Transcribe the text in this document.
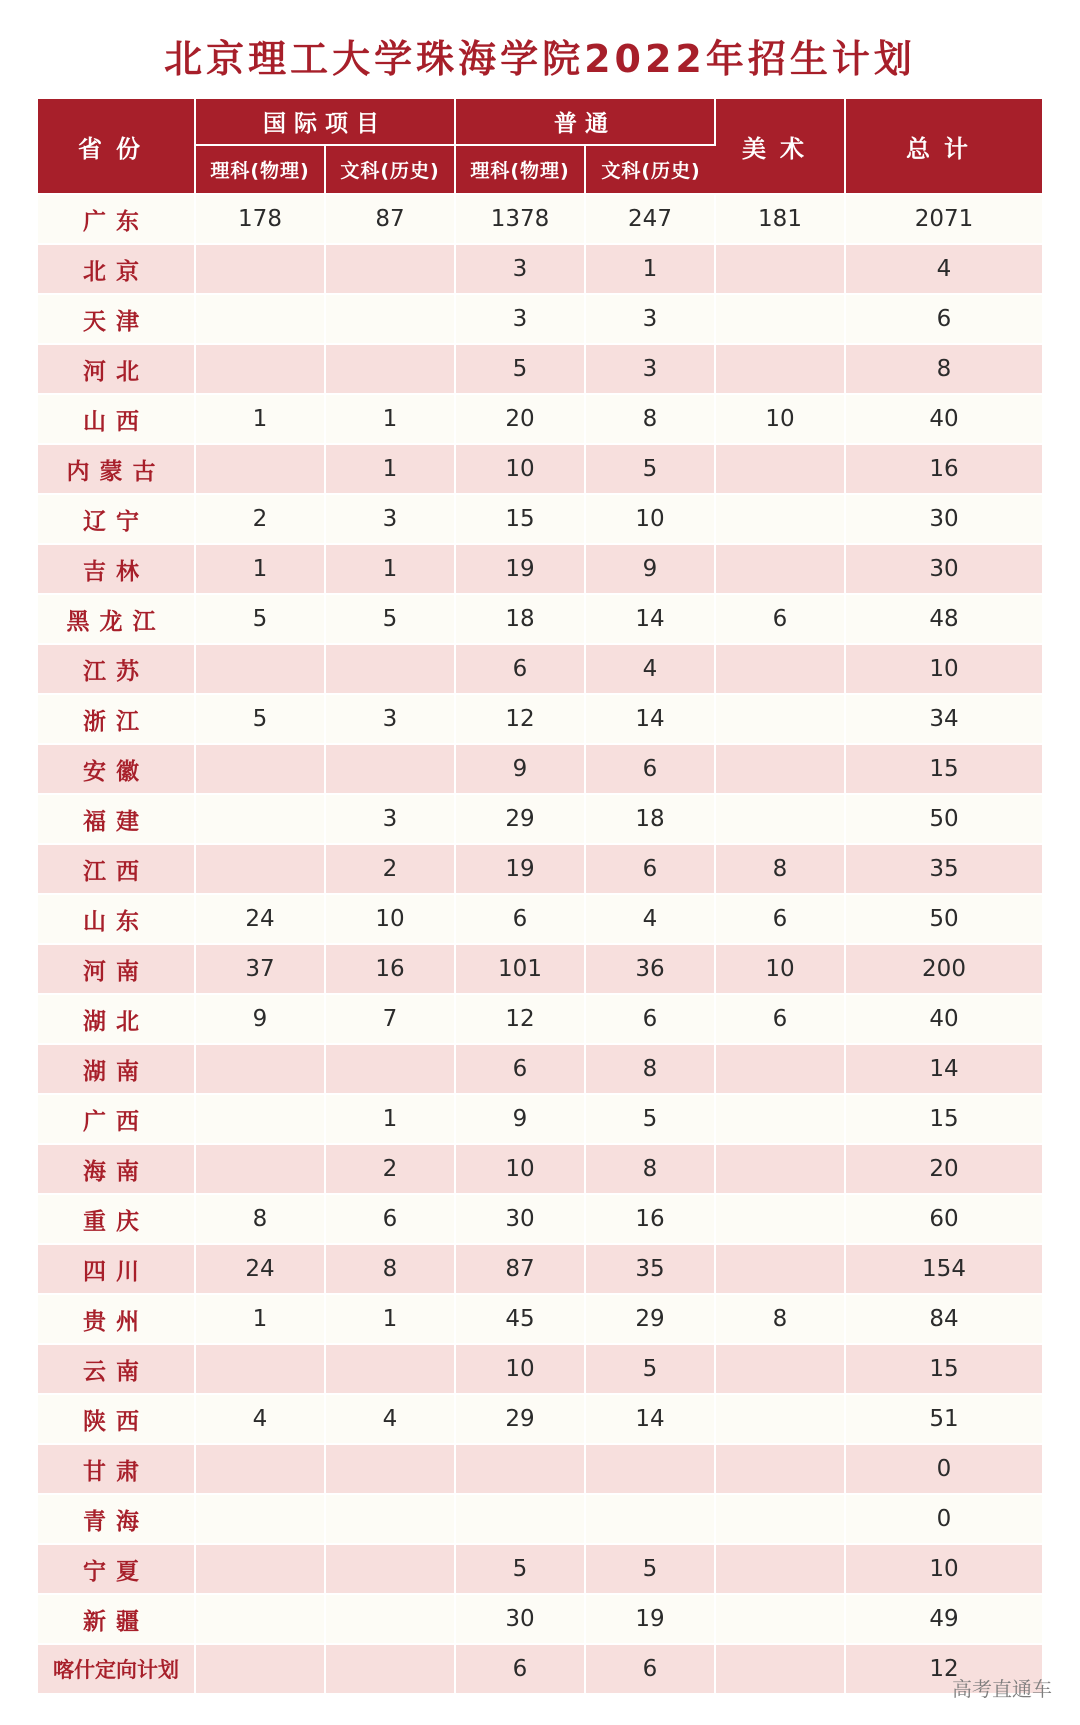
北京理工大学珠海学院2022年招生计划
省份	国际项目		普通		美术	总计
	理科(物理)	文科(历史)	理科(物理)	文科(历史)		
广东	178	87	1378	247	181	2071
北京			3	1		4
天津			3	3		6
河北			5	3		8
山西	1	1	20	8	10	40
内蒙古		1	10	5		16
辽宁	2	3	15	10		30
吉林	1	1	19	9		30
黑龙江	5	5	18	14	6	48
江苏			6	4		10
浙江	5	3	12	14		34
安徽			9	6		15
福建		3	29	18		50
江西		2	19	6	8	35
山东	24	10	6	4	6	50
河南	37	16	101	36	10	200
湖北	9	7	12	6	6	40
湖南			6	8		14
广西		1	9	5		15
海南		2	10	8		20
重庆	8	6	30	16		60
四川	24	8	87	35		154
贵州	1	1	45	29	8	84
云南			10	5		15
陕西	4	4	29	14		51
甘肃						0
青海						0
宁夏			5	5		10
新疆			30	19		49
喀什定向计划			6	6		12
高考直通车
